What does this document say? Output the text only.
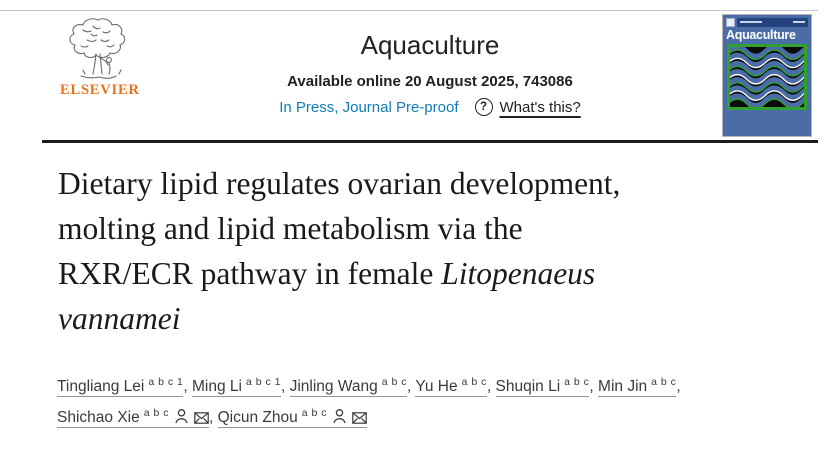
ELSEVIER
Aquaculture
Available online 20 August 2025, 743086
In Press, Journal Pre-proof	? What's this?
Aquaculture
Dietary lipid regulates ovarian development,
molting and lipid metabolism via the
RXR/ECR pathway in female Litopenaeus
vannamei
Tingliang Lei $^{a b c 1}$, Ming Li $^{a b c 1}$, Jinling Wang $^{a b c}$, Yu He $^{a b c}$, Shuqin Li $^{a b c}$, Min Jin $^{a b c}$,
Shichao Xie $^{a b c}$	, Qicun Zhou $^{a b c}$
